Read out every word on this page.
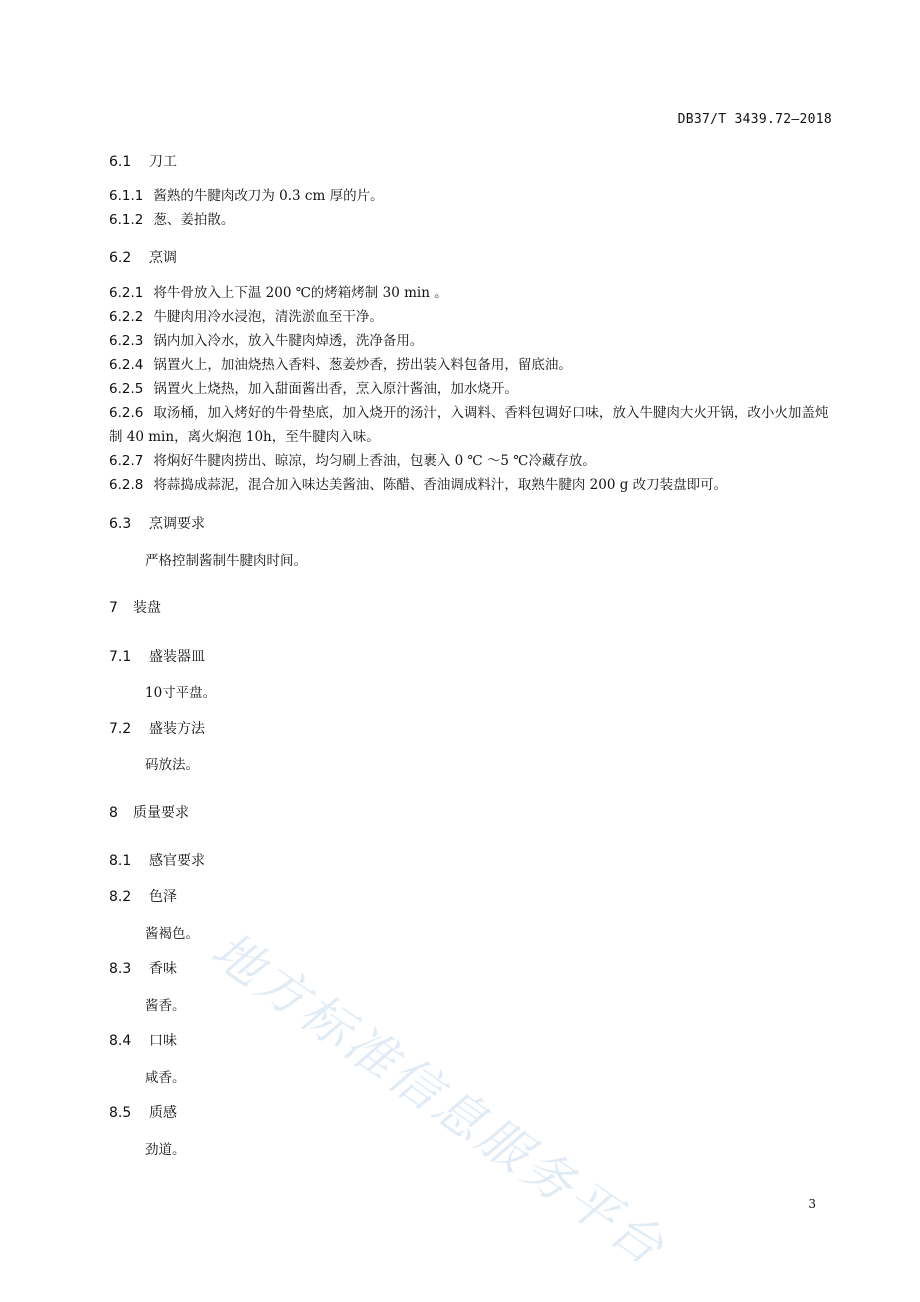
DB37/T 3439.72—2018
6.1 刀工
6.1.1 酱熟的牛腱肉改刀为 0.3 cm 厚的片。
6.1.2 葱、姜拍散。
6.2 烹调
6.2.1 将牛骨放入上下温 200 ℃的烤箱烤制 30 min 。
6.2.2 牛腱肉用冷水浸泡，清洗淤血至干净。
6.2.3 锅内加入冷水，放入牛腱肉焯透，洗净备用。
6.2.4 锅置火上，加油烧热入香料、葱姜炒香，捞出装入料包备用，留底油。
6.2.5 锅置火上烧热，加入甜面酱出香，烹入原汁酱油，加水烧开。
6.2.6 取汤桶，加入烤好的牛骨垫底，加入烧开的汤汁，入调料、香料包调好口味，放入牛腱肉大火开锅，改小火加盖炖制 40 min，离火焖泡 10h，至牛腱肉入味。
6.2.7 将焖好牛腱肉捞出、晾凉，均匀刷上香油，包裹入 0 ℃ ～5 ℃冷藏存放。
6.2.8 将蒜捣成蒜泥，混合加入味达美酱油、陈醋、香油调成料汁，取熟牛腱肉 200 g 改刀装盘即可。
6.3 烹调要求
严格控制酱制牛腱肉时间。
7 装盘
7.1 盛装器皿
10寸平盘。
7.2 盛装方法
码放法。
8 质量要求
8.1 感官要求
8.2 色泽
酱褐色。
8.3 香味
酱香。
8.4 口味
咸香。
8.5 质感
劲道。 地方标准信息服务平台	3
